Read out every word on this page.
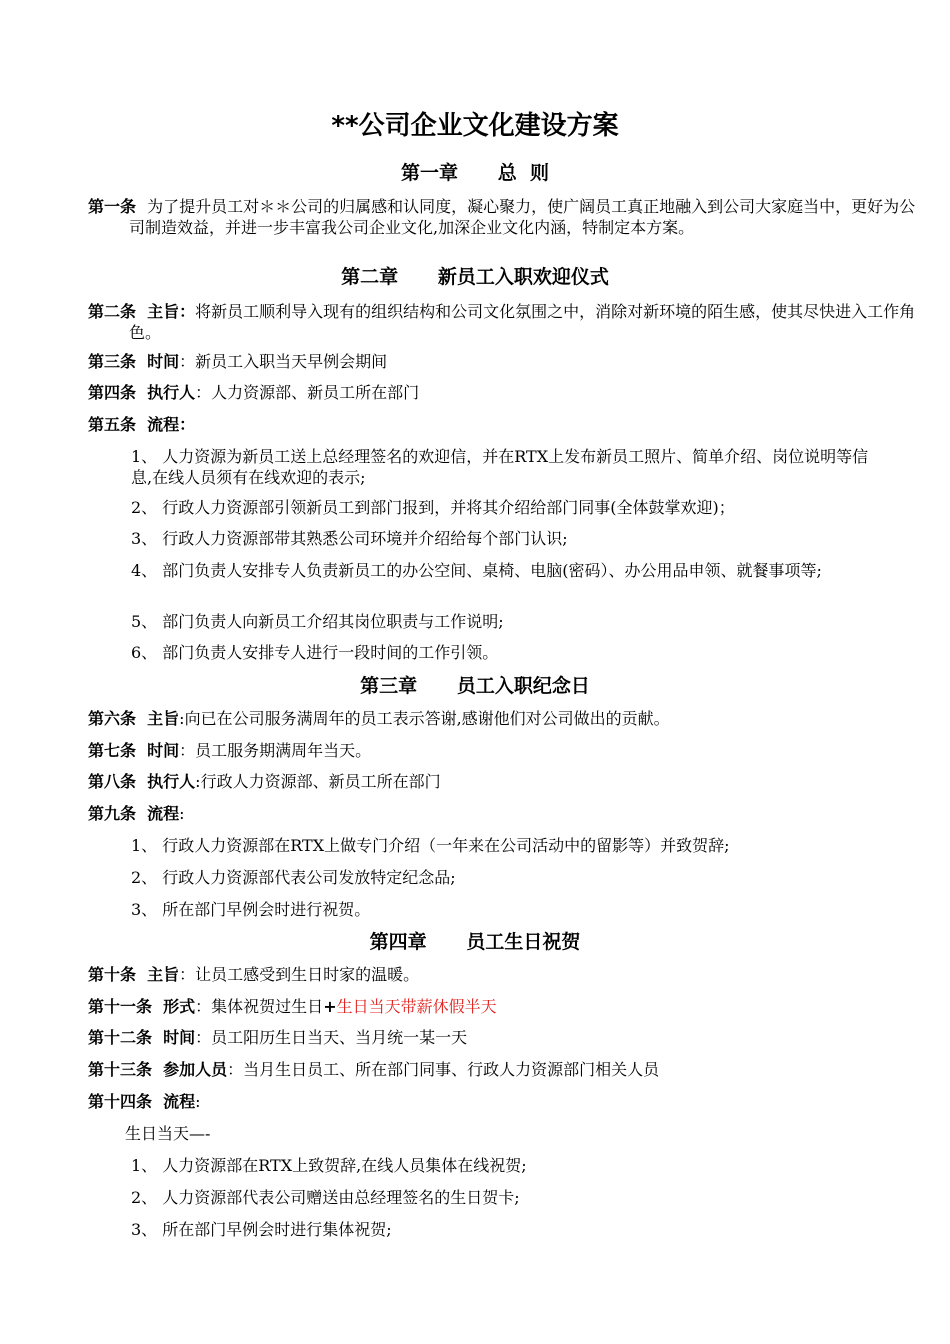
**公司企业文化建设方案
第一章      总  则
第一条  为了提升员工对＊＊公司的归属感和认同度，凝心聚力，使广阔员工真正地融入到公司大家庭当中，更好为公司制造效益，并进一步丰富我公司企业文化,加深企业文化内涵，特制定本方案。
第二章      新员工入职欢迎仪式
第二条  主旨：将新员工顺利导入现有的组织结构和公司文化氛围之中，消除对新环境的陌生感，使其尽快进入工作角色。
第三条  时间：新员工入职当天早例会期间
第四条  执行人：人力资源部、新员工所在部门
第五条  流程：
1、 人力资源为新员工送上总经理签名的欢迎信，并在RTX上发布新员工照片、简单介绍、岗位说明等信息,在线人员须有在线欢迎的表示;
2、 行政人力资源部引领新员工到部门报到，并将其介绍给部门同事(全体鼓掌欢迎)；
3、 行政人力资源部带其熟悉公司环境并介绍给每个部门认识;
4、 部门负责人安排专人负责新员工的办公空间、桌椅、电脑(密码）、办公用品申领、就餐事项等;
5、 部门负责人向新员工介绍其岗位职责与工作说明;
6、 部门负责人安排专人进行一段时间的工作引领。
第三章      员工入职纪念日
第六条  主旨:向已在公司服务满周年的员工表示答谢,感谢他们对公司做出的贡献。
第七条  时间：员工服务期满周年当天。
第八条  执行人:行政人力资源部、新员工所在部门
第九条  流程:
1、 行政人力资源部在RTX上做专门介绍（一年来在公司活动中的留影等）并致贺辞;
2、 行政人力资源部代表公司发放特定纪念品;
3、 所在部门早例会时进行祝贺。
第四章      员工生日祝贺
第十条  主旨：让员工感受到生日时家的温暖。
第十一条  形式：集体祝贺过生日+生日当天带薪休假半天
第十二条  时间：员工阳历生日当天、当月统一某一天
第十三条  参加人员：当月生日员工、所在部门同事、行政人力资源部门相关人员
第十四条  流程:
生日当天—-
1、 人力资源部在RTX上致贺辞,在线人员集体在线祝贺;
2、 人力资源部代表公司赠送由总经理签名的生日贺卡;
3、 所在部门早例会时进行集体祝贺;
